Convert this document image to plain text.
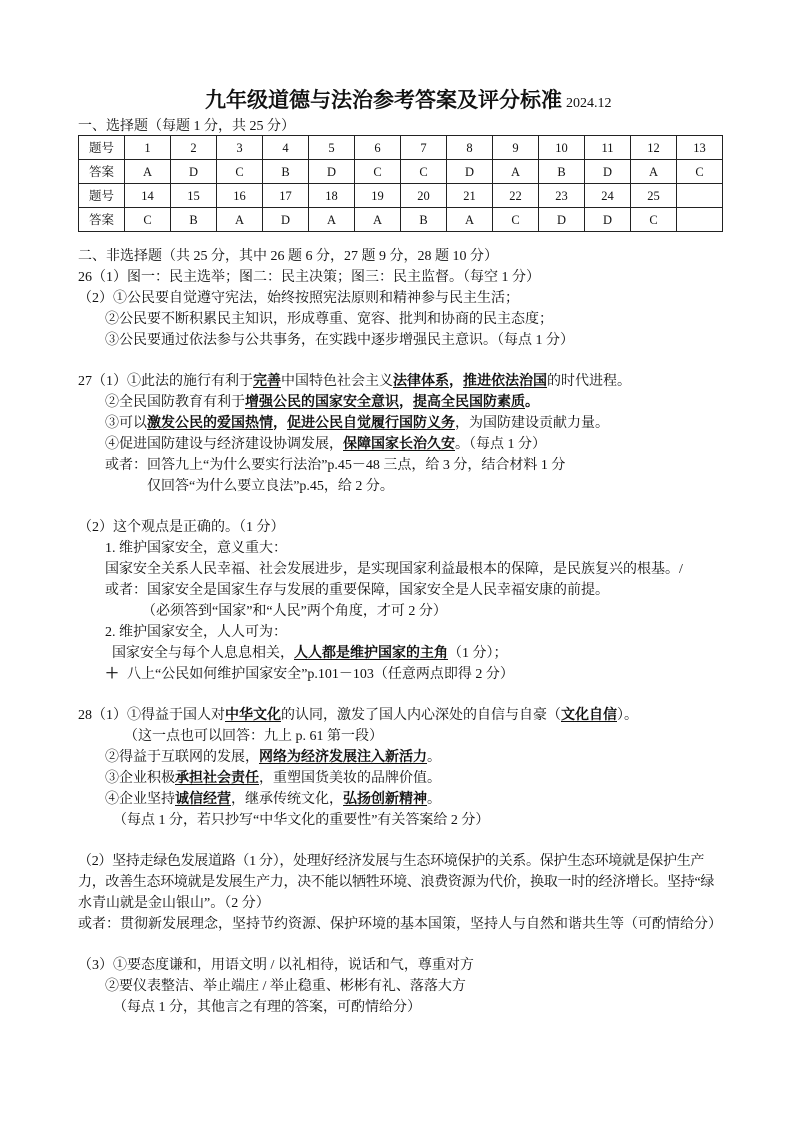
九年级道德与法治参考答案及评分标准 2024.12
一、选择题（每题 1 分，共 25 分）
题号	1	2	3	4	5	6	7	8	9	10	11	12	13
答案	A	D	C	B	D	C	C	D	A	B	D	A	C
题号	14	15	16	17	18	19	20	21	22	23	24	25	
答案	C	B	A	D	A	A	B	A	C	D	D	C	
二、非选择题（共 25 分，其中 26 题 6 分，27 题 9 分，28 题 10 分）
26（1）图一：民主选举；图二：民主决策；图三：民主监督。（每空 1 分）
（2）①公民要自觉遵守宪法，始终按照宪法原则和精神参与民主生活；
②公民要不断积累民主知识，形成尊重、宽容、批判和协商的民主态度；
③公民要通过依法参与公共事务，在实践中逐步增强民主意识。（每点 1 分）
27（1）①此法的施行有利于完善中国特色社会主义法律体系，推进依法治国的时代进程。
②全民国防教育有利于增强公民的国家安全意识，提高全民国防素质。
③可以激发公民的爱国热情，促进公民自觉履行国防义务，为国防建设贡献力量。
④促进国防建设与经济建设协调发展，保障国家长治久安。（每点 1 分）
或者：回答九上“为什么要实行法治”p.45－48 三点，给 3 分，结合材料 1 分
仅回答“为什么要立良法”p.45，给 2 分。
（2）这个观点是正确的。（1 分）
1. 维护国家安全，意义重大：
国家安全关系人民幸福、社会发展进步，是实现国家利益最根本的保障，是民族复兴的根基。/
或者：国家安全是国家生存与发展的重要保障，国家安全是人民幸福安康的前提。
（必须答到“国家”和“人民”两个角度，才可 2 分）
2. 维护国家安全，人人可为：
国家安全与每个人息息相关，人人都是维护国家的主角（1 分）；
＋ 八上“公民如何维护国家安全”p.101－103（任意两点即得 2 分）
28（1）①得益于国人对中华文化的认同，激发了国人内心深处的自信与自豪（文化自信）。
（这一点也可以回答：九上 p. 61 第一段）
②得益于互联网的发展，网络为经济发展注入新活力。
③企业积极承担社会责任，重塑国货美妆的品牌价值。
④企业坚持诚信经营，继承传统文化，弘扬创新精神。
（每点 1 分，若只抄写“中华文化的重要性”有关答案给 2 分）
（2）坚持走绿色发展道路（1 分），处理好经济发展与生态环境保护的关系。保护生态环境就是保护生产
力，改善生态环境就是发展生产力，决不能以牺牲环境、浪费资源为代价，换取一时的经济增长。坚持“绿
水青山就是金山银山”。（2 分）
或者：贯彻新发展理念，坚持节约资源、保护环境的基本国策，坚持人与自然和谐共生等（可酌情给分）
（3）①要态度谦和，用语文明 / 以礼相待，说话和气，尊重对方
②要仪表整洁、举止端庄 / 举止稳重、彬彬有礼、落落大方
（每点 1 分，其他言之有理的答案，可酌情给分）
